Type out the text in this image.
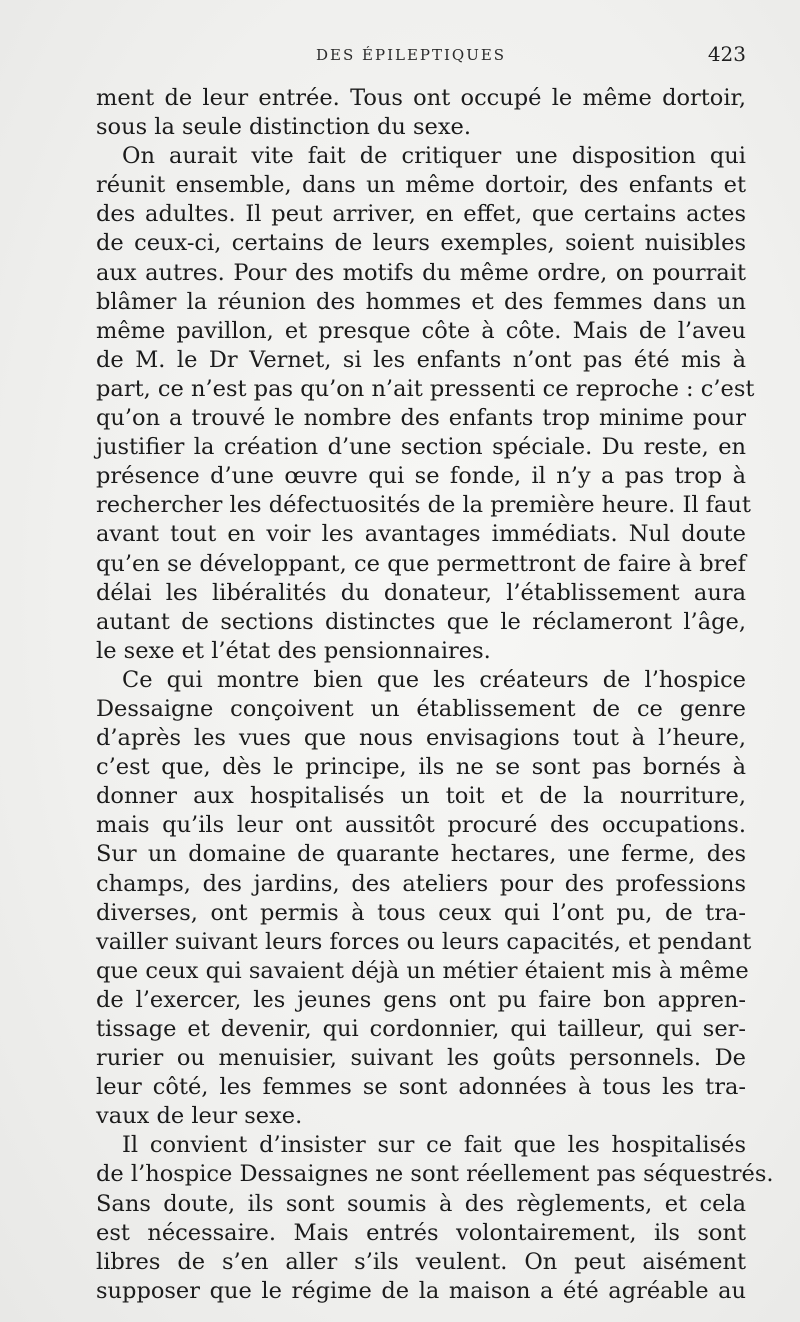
DES ÉPILEPTIQUES	423
ment de leur entrée. Tous ont occupé le même dortoir,
sous la seule distinction du sexe.
On aurait vite fait de critiquer une disposition qui
réunit ensemble, dans un même dortoir, des enfants et
des adultes. Il peut arriver, en effet, que certains actes
de ceux-ci, certains de leurs exemples, soient nuisibles
aux autres. Pour des motifs du même ordre, on pourrait
blâmer la réunion des hommes et des femmes dans un
même pavillon, et presque côte à côte. Mais de l’aveu
de M. le Dr Vernet, si les enfants n’ont pas été mis à
part, ce n’est pas qu’on n’ait pressenti ce reproche : c’est
qu’on a trouvé le nombre des enfants trop minime pour
justifier la création d’une section spéciale. Du reste, en
présence d’une œuvre qui se fonde, il n’y a pas trop à
rechercher les défectuosités de la première heure. Il faut
avant tout en voir les avantages immédiats. Nul doute
qu’en se développant, ce que permettront de faire à bref
délai les libéralités du donateur, l’établissement aura
autant de sections distinctes que le réclameront l’âge,
le sexe et l’état des pensionnaires.
Ce qui montre bien que les créateurs de l’hospice
Dessaigne conçoivent un établissement de ce genre
d’après les vues que nous envisagions tout à l’heure,
c’est que, dès le principe, ils ne se sont pas bornés à
donner aux hospitalisés un toit et de la nourriture,
mais qu’ils leur ont aussitôt procuré des occupations.
Sur un domaine de quarante hectares, une ferme, des
champs, des jardins, des ateliers pour des professions
diverses, ont permis à tous ceux qui l’ont pu, de tra-
vailler suivant leurs forces ou leurs capacités, et pendant
que ceux qui savaient déjà un métier étaient mis à même
de l’exercer, les jeunes gens ont pu faire bon appren-
tissage et devenir, qui cordonnier, qui tailleur, qui ser-
rurier ou menuisier, suivant les goûts personnels. De
leur côté, les femmes se sont adonnées à tous les tra-
vaux de leur sexe.
Il convient d’insister sur ce fait que les hospitalisés
de l’hospice Dessaignes ne sont réellement pas séquestrés.
Sans doute, ils sont soumis à des règlements, et cela
est nécessaire. Mais entrés volontairement, ils sont
libres de s’en aller s’ils veulent. On peut aisément
supposer que le régime de la maison a été agréable au
